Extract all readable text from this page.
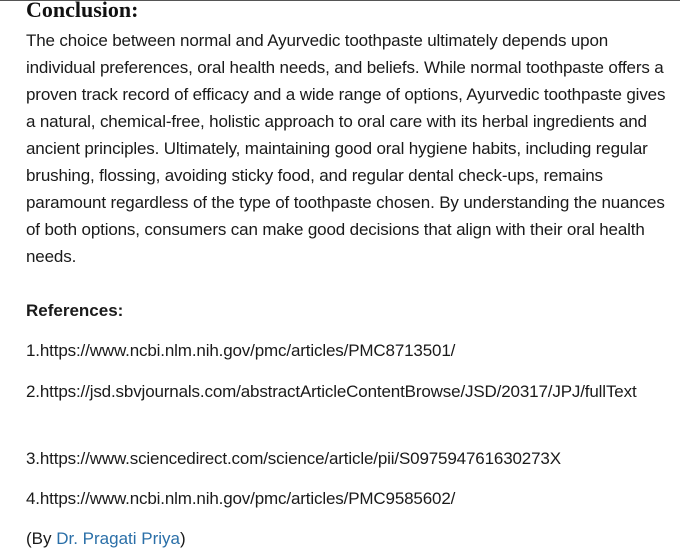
Conclusion:

The choice between normal and Ayurvedic toothpaste ultimately depends upon individual preferences, oral health needs, and beliefs. While normal toothpaste offers a proven track record of efficacy and a wide range of options, Ayurvedic toothpaste gives a natural, chemical-free, holistic approach to oral care with its herbal ingredients and ancient principles. Ultimately, maintaining good oral hygiene habits, including regular brushing, flossing, avoiding sticky food, and regular dental check-ups, remains paramount regardless of the type of toothpaste chosen. By understanding the nuances of both options, consumers can make good decisions that align with their oral health needs.

References:

1.https://www.ncbi.nlm.nih.gov/pmc/articles/PMC8713501/

2.https://jsd.sbvjournals.com/abstractArticleContentBrowse/JSD/20317/JPJ/fullText

3.https://www.sciencedirect.com/science/article/pii/S097594761630273X

4.https://www.ncbi.nlm.nih.gov/pmc/articles/PMC9585602/

(By Dr. Pragati Priya)
